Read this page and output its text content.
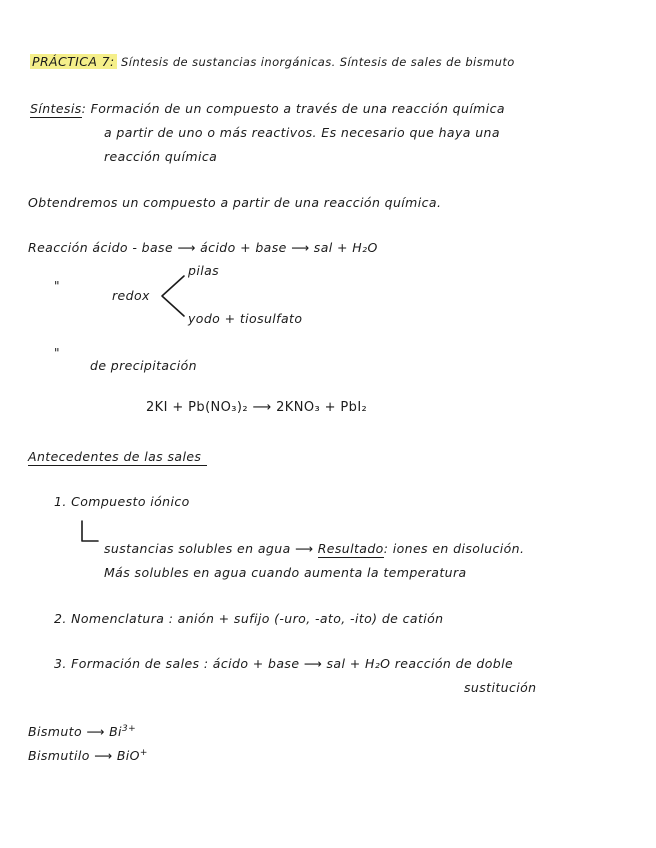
PRÁCTICA 7: Síntesis de sustancias inorgánicas. Síntesis de sales de bismuto
Síntesis: Formación de un compuesto a través de una reacción química
a partir de uno o más reactivos. Es necesario que haya una
reacción química
Obtendremos un compuesto a partir de una reacción química.
Reacción ácido - base ⟶ ácido + base ⟶ sal + H₂O
"
redox
pilas
yodo + tiosulfato
"
de precipitación
2KI + Pb(NO₃)₂ ⟶ 2KNO₃ + PbI₂
Antecedentes de las sales
1. Compuesto iónico
sustancias solubles en agua ⟶ Resultado: iones en disolución.
Más solubles en agua cuando aumenta la temperatura
2. Nomenclatura : anión + sufijo (-uro, -ato, -ito) de catión
3. Formación de sales : ácido + base ⟶ sal + H₂O reacción de doble
sustitución
Bismuto ⟶ $Bi^{3+}$
Bismutilo ⟶ BiO+
